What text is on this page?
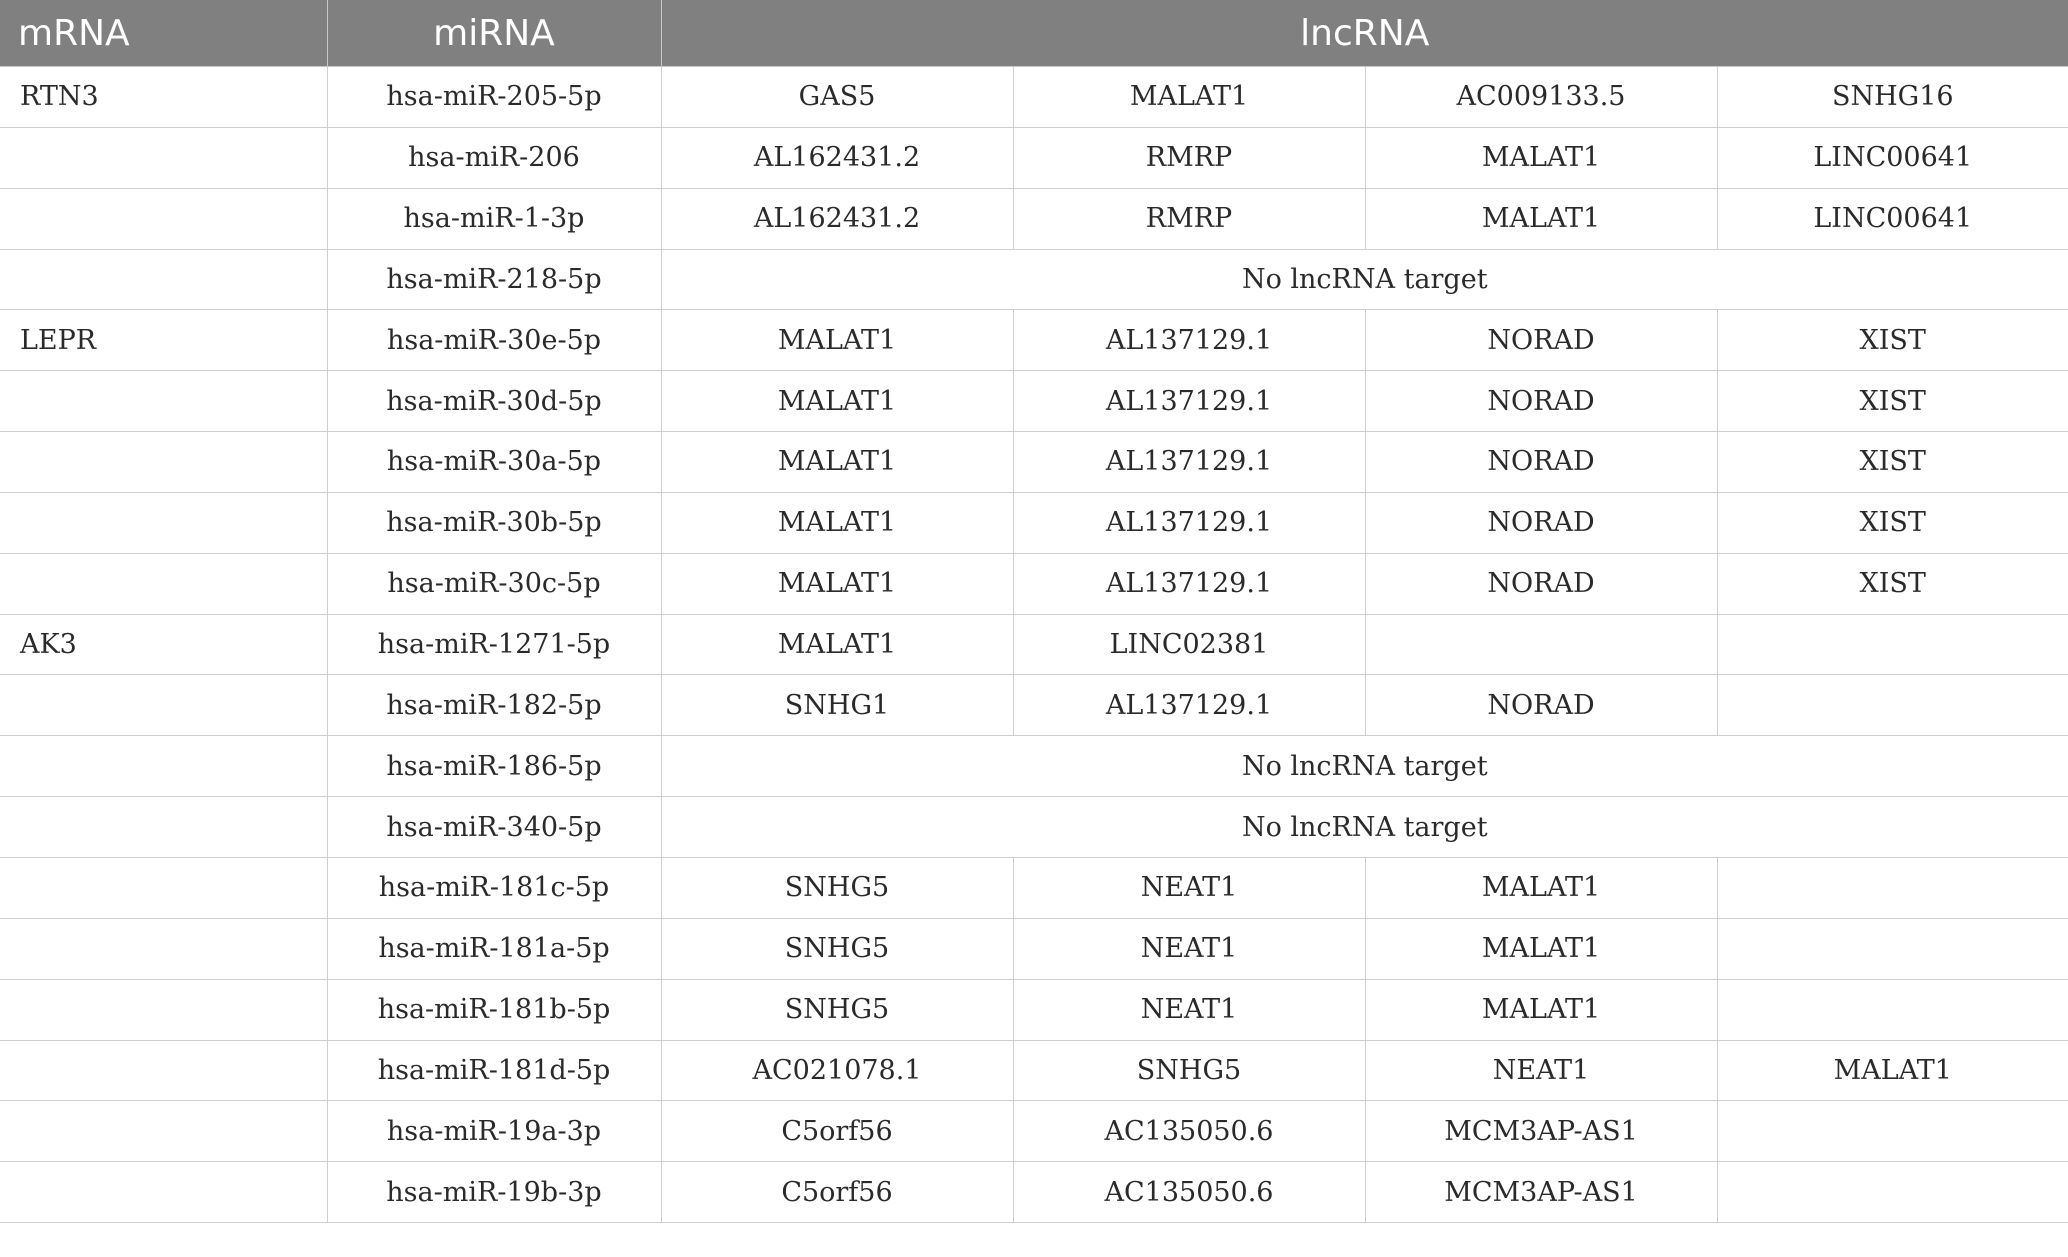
mRNA	miRNA	lncRNA			
RTN3	hsa-miR-205-5p	GAS5	MALAT1	AC009133.5	SNHG16
	hsa-miR-206	AL162431.2	RMRP	MALAT1	LINC00641
	hsa-miR-1-3p	AL162431.2	RMRP	MALAT1	LINC00641
	hsa-miR-218-5p	No lncRNA target			
LEPR	hsa-miR-30e-5p	MALAT1	AL137129.1	NORAD	XIST
	hsa-miR-30d-5p	MALAT1	AL137129.1	NORAD	XIST
	hsa-miR-30a-5p	MALAT1	AL137129.1	NORAD	XIST
	hsa-miR-30b-5p	MALAT1	AL137129.1	NORAD	XIST
	hsa-miR-30c-5p	MALAT1	AL137129.1	NORAD	XIST
AK3	hsa-miR-1271-5p	MALAT1	LINC02381		
	hsa-miR-182-5p	SNHG1	AL137129.1	NORAD	
	hsa-miR-186-5p	No lncRNA target			
	hsa-miR-340-5p	No lncRNA target			
	hsa-miR-181c-5p	SNHG5	NEAT1	MALAT1	
	hsa-miR-181a-5p	SNHG5	NEAT1	MALAT1	
	hsa-miR-181b-5p	SNHG5	NEAT1	MALAT1	
	hsa-miR-181d-5p	AC021078.1	SNHG5	NEAT1	MALAT1
	hsa-miR-19a-3p	C5orf56	AC135050.6	MCM3AP-AS1	
	hsa-miR-19b-3p	C5orf56	AC135050.6	MCM3AP-AS1	
